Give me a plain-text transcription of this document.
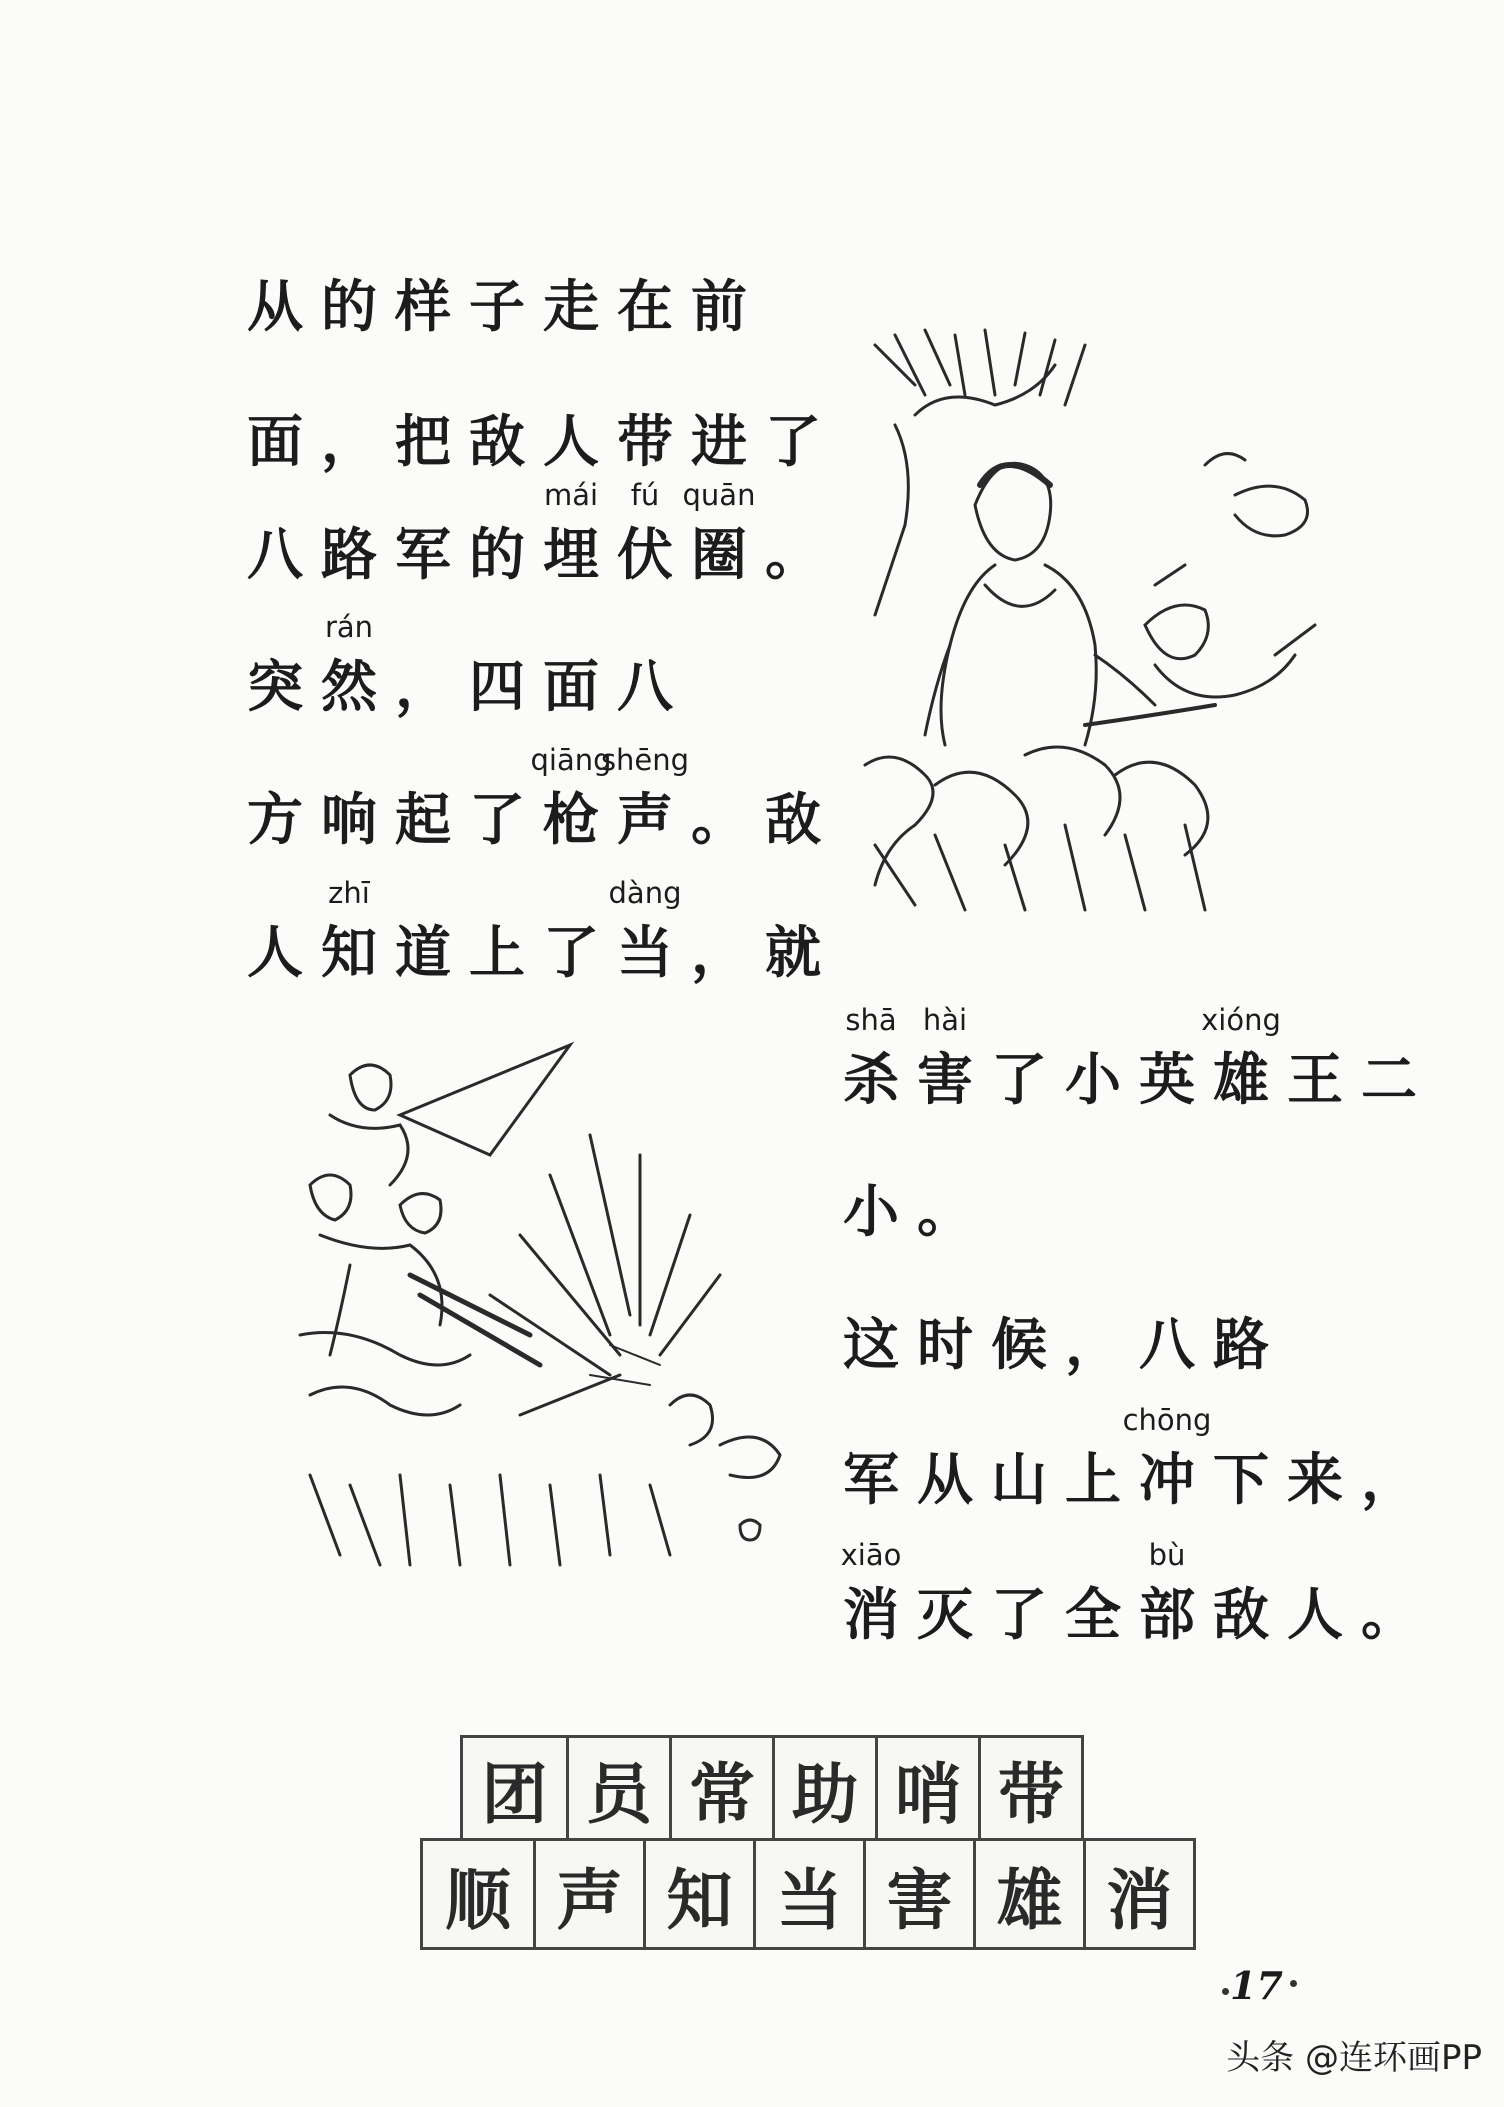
从 的 样 子 走 在 前
面 ， 把 敌 人 带 进 了
八 路 军 的
mái
埋
fú
伏
quān
圈 。
突
rán
然 ， 四 面 八
方 响 起 了
qiāng
枪
shēng
声 。 敌
人
zhī
知 道 上 了
dàng
当 ， 就
shā
杀
hài
害 了 小 英
xióng
雄 王 二
小 。
这 时 候 ， 八 路
军 从 山 上
chōng
冲 下 来 ，
xiāo
消 灭 了 全
bù
部 敌 人 。
团 员 常 助 哨 带
顺 声 知 当 害 雄 消
17
头条 @连环画PP
